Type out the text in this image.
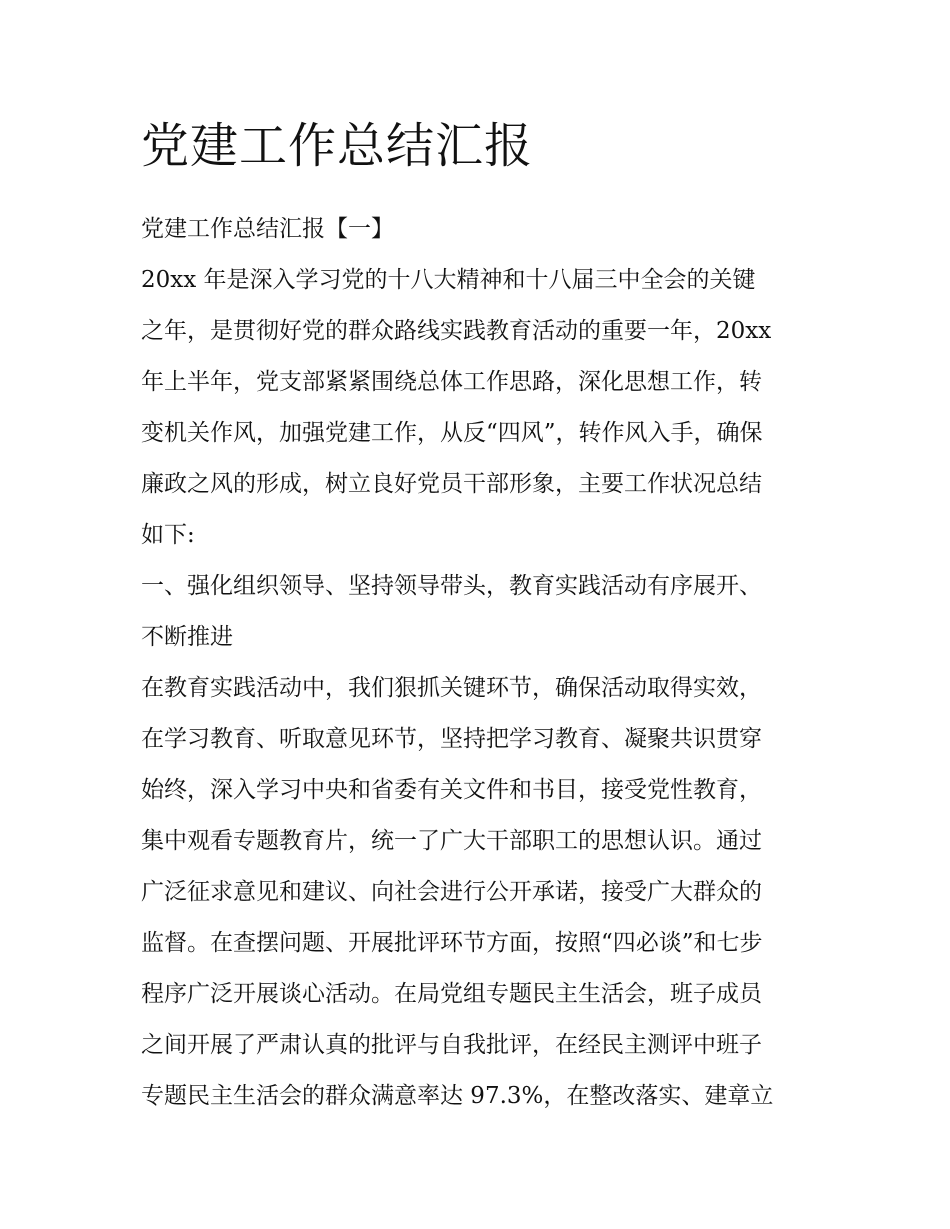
党建工作总结汇报
党建工作总结汇报【一】
20xx 年是深入学习党的十八大精神和十八届三中全会的关键
之年，是贯彻好党的群众路线实践教育活动的重要一年，20xx
年上半年，党支部紧紧围绕总体工作思路，深化思想工作，转
变机关作风，加强党建工作，从反“四风”，转作风入手，确保
廉政之风的形成，树立良好党员干部形象，主要工作状况总结
如下:
一、强化组织领导、坚持领导带头，教育实践活动有序展开、
不断推进
在教育实践活动中，我们狠抓关键环节，确保活动取得实效，
在学习教育、听取意见环节，坚持把学习教育、凝聚共识贯穿
始终，深入学习中央和省委有关文件和书目，接受党性教育，
集中观看专题教育片，统一了广大干部职工的思想认识。通过
广泛征求意见和建议、向社会进行公开承诺，接受广大群众的
监督。在查摆问题、开展批评环节方面，按照“四必谈”和七步
程序广泛开展谈心活动。在局党组专题民主生活会，班子成员
之间开展了严肃认真的批评与自我批评，在经民主测评中班子
专题民主生活会的群众满意率达 97.3%，在整改落实、建章立
